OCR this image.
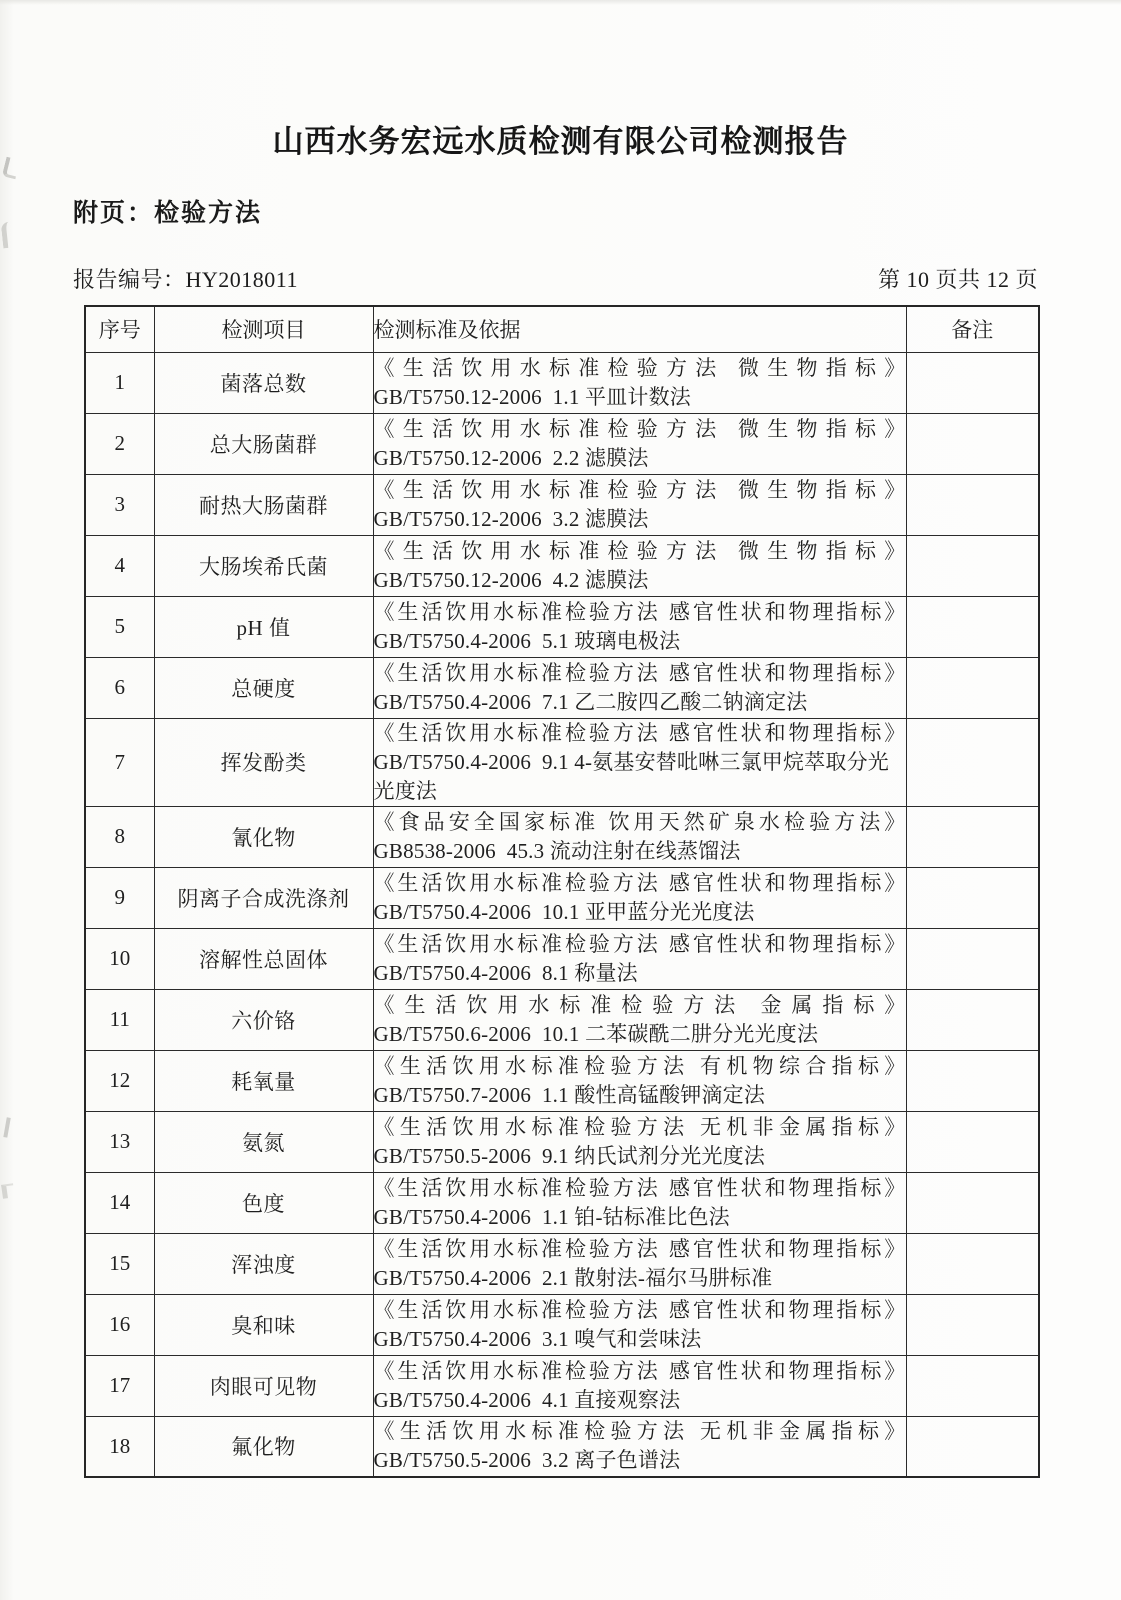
山西水务宏远水质检测有限公司检测报告
附页：检验方法
报告编号：HY2018011	第 10 页共 12 页
序号	检测项目	检测标准及依据	备注
1	菌落总数	《生活饮用水标准检验方法 微生物指标》
GB/T5750.12-2006  1.1 平皿计数法	

2	总大肠菌群	《生活饮用水标准检验方法 微生物指标》
GB/T5750.12-2006  2.2 滤膜法	

3	耐热大肠菌群	《生活饮用水标准检验方法 微生物指标》
GB/T5750.12-2006  3.2 滤膜法	

4	大肠埃希氏菌	《生活饮用水标准检验方法 微生物指标》
GB/T5750.12-2006  4.2 滤膜法	

5	pH 值	《生活饮用水标准检验方法 感官性状和物理指标》
GB/T5750.4-2006  5.1 玻璃电极法	

6	总硬度	《生活饮用水标准检验方法 感官性状和物理指标》
GB/T5750.4-2006  7.1 乙二胺四乙酸二钠滴定法	

7	挥发酚类	《生活饮用水标准检验方法 感官性状和物理指标》
GB/T5750.4-2006  9.1 4-氨基安替吡啉三氯甲烷萃取分光光度法	

8	氰化物	《食品安全国家标准 饮用天然矿泉水检验方法》
GB8538-2006  45.3 流动注射在线蒸馏法	

9	阴离子合成洗涤剂	《生活饮用水标准检验方法 感官性状和物理指标》
GB/T5750.4-2006  10.1 亚甲蓝分光光度法	

10	溶解性总固体	《生活饮用水标准检验方法 感官性状和物理指标》
GB/T5750.4-2006  8.1 称量法	

11	六价铬	《生活饮用水标准检验方法 金属指标》
GB/T5750.6-2006  10.1 二苯碳酰二肼分光光度法	

12	耗氧量	《生活饮用水标准检验方法 有机物综合指标》
GB/T5750.7-2006  1.1 酸性高锰酸钾滴定法	

13	氨氮	《生活饮用水标准检验方法 无机非金属指标》
GB/T5750.5-2006  9.1 纳氏试剂分光光度法	

14	色度	《生活饮用水标准检验方法 感官性状和物理指标》
GB/T5750.4-2006  1.1 铂-钴标准比色法	

15	浑浊度	《生活饮用水标准检验方法 感官性状和物理指标》
GB/T5750.4-2006  2.1 散射法-福尔马肼标准	

16	臭和味	《生活饮用水标准检验方法 感官性状和物理指标》
GB/T5750.4-2006  3.1 嗅气和尝味法	

17	肉眼可见物	《生活饮用水标准检验方法 感官性状和物理指标》
GB/T5750.4-2006  4.1 直接观察法	

18	氟化物	《生活饮用水标准检验方法 无机非金属指标》
GB/T5750.5-2006  3.2 离子色谱法	
